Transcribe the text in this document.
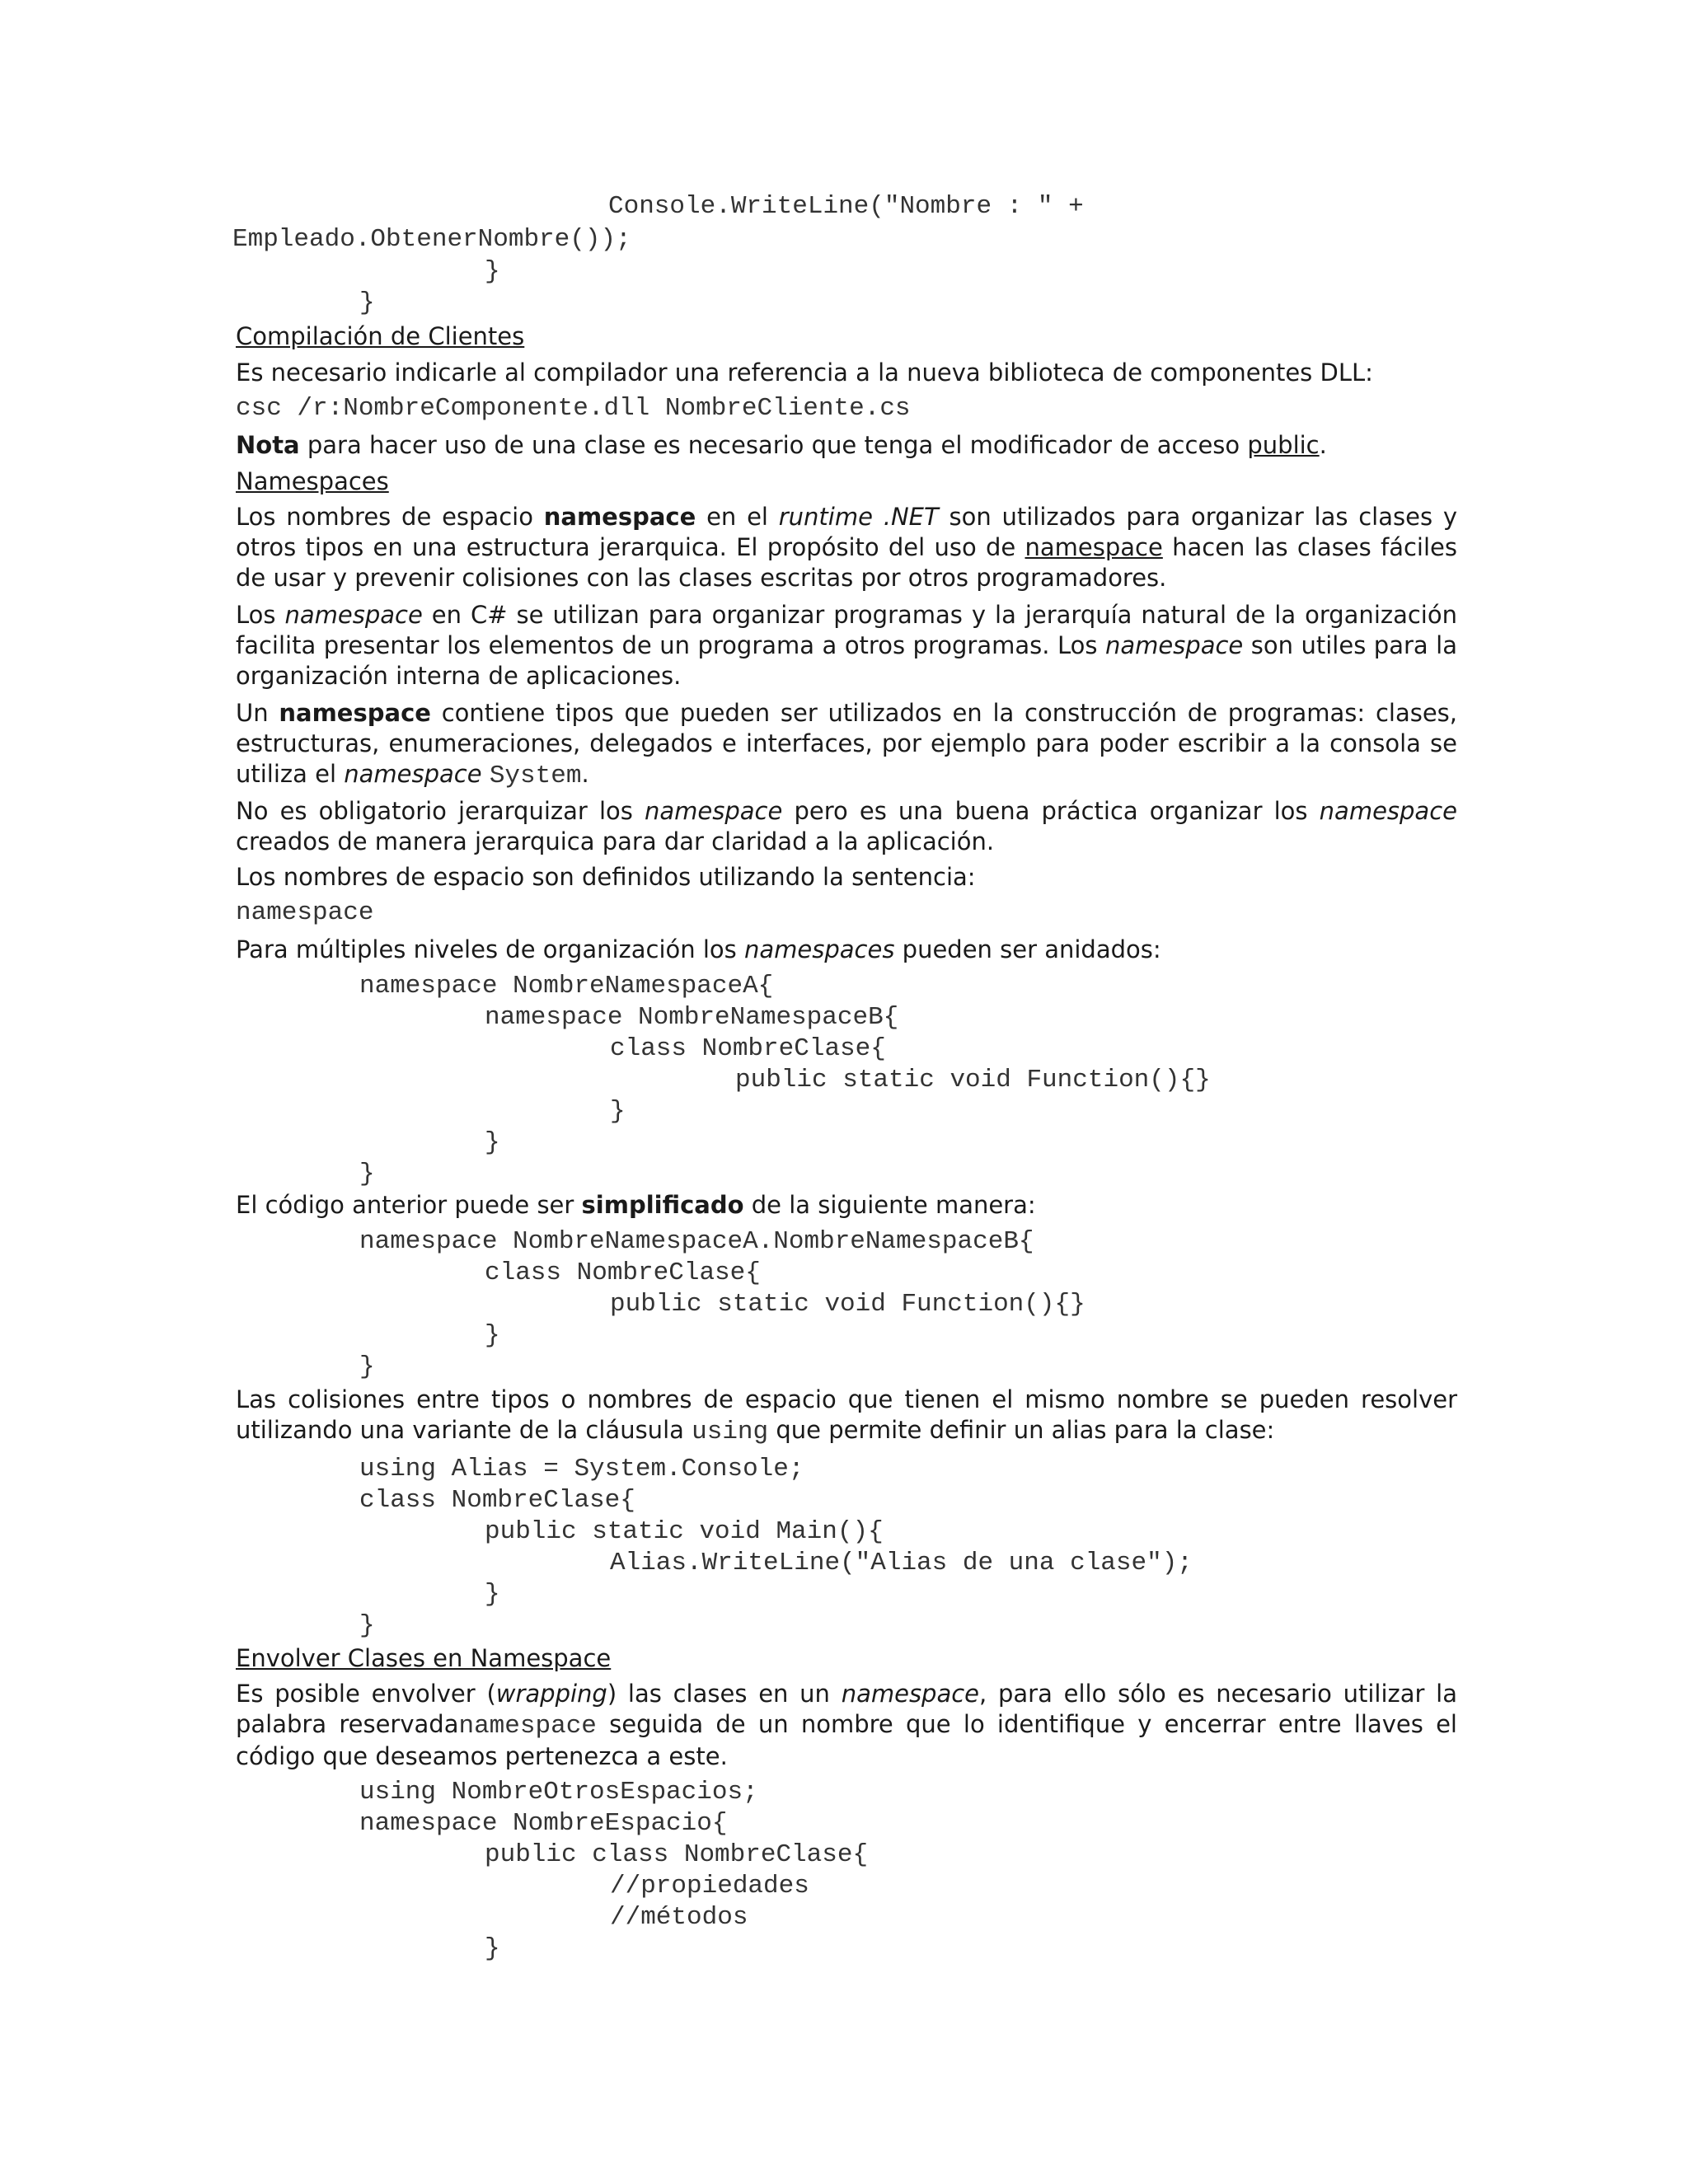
Console.WriteLine("Nombre : " +
Empleado.ObtenerNombre());
}
}
Compilación de Clientes
Es necesario indicarle al compilador una referencia a la nueva biblioteca de componentes DLL:
csc /r:NombreComponente.dll NombreCliente.cs
Nota para hacer uso de una clase es necesario que tenga el modificador de acceso public.
Namespaces
Los nombres de espacio namespace en el runtime .NET son utilizados para organizar las clases y otros tipos en una estructura jerarquica. El propósito del uso de namespace hacen las clases fáciles de usar y prevenir colisiones con las clases escritas por otros programadores.
Los namespace en C# se utilizan para organizar programas y la jerarquía natural de la organización facilita presentar los elementos de un programa a otros programas. Los namespace son utiles para la organización interna de aplicaciones.
Un namespace contiene tipos que pueden ser utilizados en la construcción de programas: clases, estructuras, enumeraciones, delegados e interfaces, por ejemplo para poder escribir a la consola se utiliza el namespace System.
No es obligatorio jerarquizar los namespace pero es una buena práctica organizar los namespace creados de manera jerarquica para dar claridad a la aplicación.
Los nombres de espacio son definidos utilizando la sentencia:
namespace
Para múltiples niveles de organización los namespaces pueden ser anidados:
namespace NombreNamespaceA{
namespace NombreNamespaceB{
class NombreClase{
public static void Function(){}
}
}
}
El código anterior puede ser simplificado de la siguiente manera:
namespace NombreNamespaceA.NombreNamespaceB{
class NombreClase{
public static void Function(){}
}
}
Las colisiones entre tipos o nombres de espacio que tienen el mismo nombre se pueden resolver utilizando una variante de la cláusula using que permite definir un alias para la clase:
using Alias = System.Console;
class NombreClase{
public static void Main(){
Alias.WriteLine("Alias de una clase");
}
}
Envolver Clases en Namespace
Es posible envolver (wrapping) las clases en un namespace, para ello sólo es necesario utilizar la palabra reservadanamespace seguida de un nombre que lo identifique y encerrar entre llaves el código que deseamos pertenezca a este.
using NombreOtrosEspacios;
namespace NombreEspacio{
public class NombreClase{
//propiedades
//métodos
}
